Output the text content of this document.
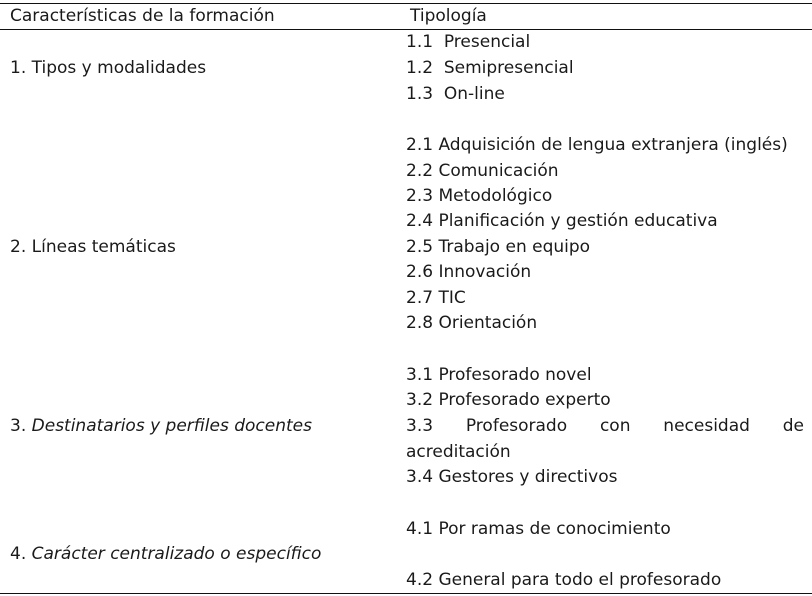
Características de la formación	Tipología
1. Tipos y modalidades
1.1 Presencial
1.2 Semipresencial
1.3 On-line
2. Líneas temáticas
2.1 Adquisición de lengua extranjera (inglés)
2.2 Comunicación
2.3 Metodológico
2.4 Planificación y gestión educativa
2.5 Trabajo en equipo
2.6 Innovación
2.7 TIC
2.8 Orientación
3. Destinatarios y perfiles docentes
3.1 Profesorado novel
3.2 Profesorado experto
3.3 Profesorado con necesidad de
acreditación
3.4 Gestores y directivos
4. Carácter centralizado o específico
4.1 Por ramas de conocimiento
4.2 General para todo el profesorado
